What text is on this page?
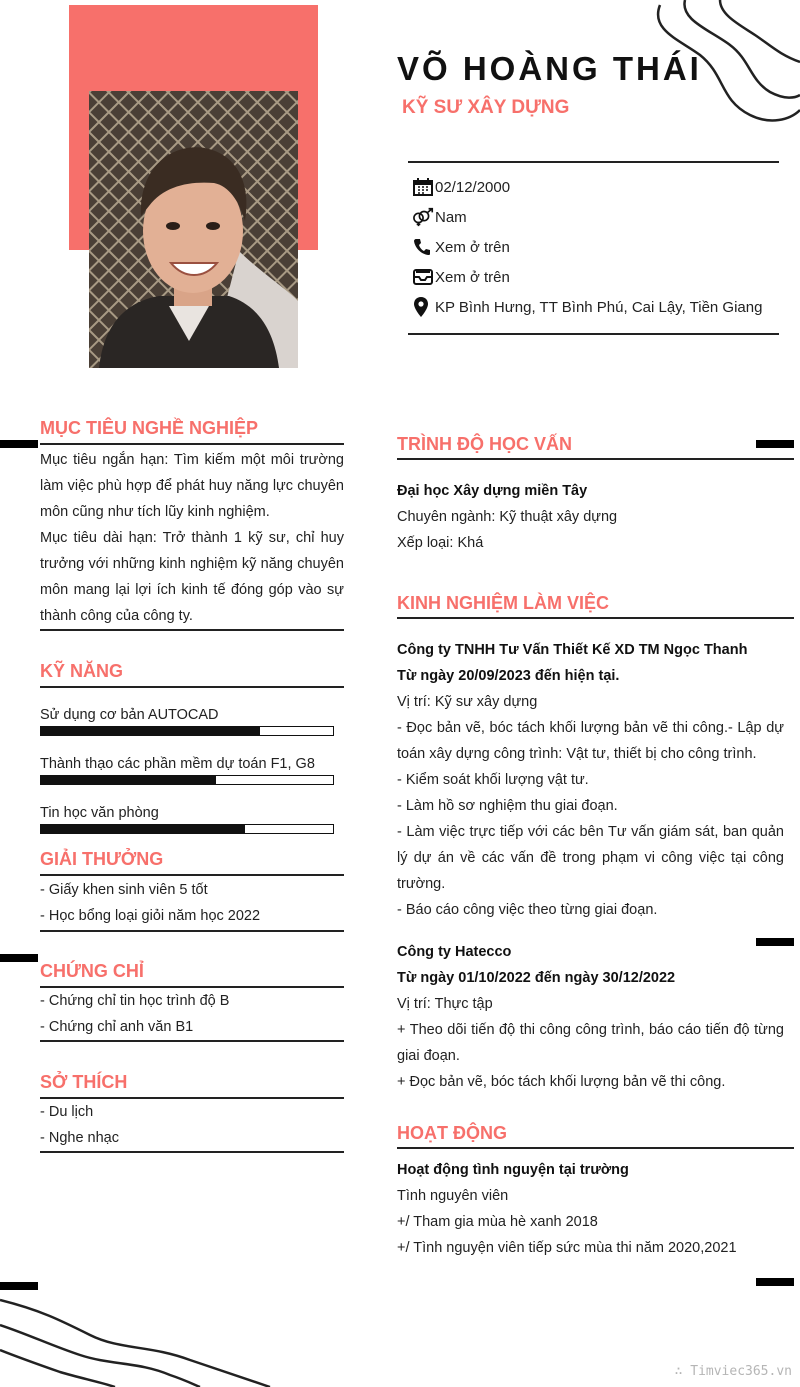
VÕ HOÀNG THÁI
KỸ SƯ XÂY DỰNG
02/12/2000
Nam
Xem ở trên
Xem ở trên
KP Bình Hưng, TT Bình Phú, Cai Lậy, Tiền Giang
MỤC TIÊU NGHỀ NGHIỆP
Mục tiêu ngắn hạn: Tìm kiếm một môi trường làm việc phù hợp để phát huy năng lực chuyên môn cũng như tích lũy kinh nghiệm.
Mục tiêu dài hạn: Trở thành 1 kỹ sư, chỉ huy trưởng với những kinh nghiệm kỹ năng chuyên môn mang lại lợi ích kinh tế đóng góp vào sự thành công của công ty.
KỸ NĂNG
Sử dụng cơ bản AUTOCAD
Thành thạo các phần mềm dự toán F1, G8
Tin học văn phòng
GIẢI THƯỞNG
- Giấy khen sinh viên 5 tốt
- Học bổng loại giỏi năm học 2022
CHỨNG CHỈ
- Chứng chỉ tin học trình độ B
- Chứng chỉ anh văn B1
SỞ THÍCH
- Du lịch
- Nghe nhạc
TRÌNH ĐỘ HỌC VẤN
Đại học Xây dựng miền Tây
Chuyên ngành: Kỹ thuật xây dựng
Xếp loại: Khá
KINH NGHIỆM LÀM VIỆC
Công ty TNHH Tư Vấn Thiết Kế XD TM Ngọc Thanh
Từ ngày 20/09/2023 đến hiện tại.
Vị trí: Kỹ sư xây dựng
- Đọc bản vẽ, bóc tách khối lượng bản vẽ thi công.- Lập dự toán xây dựng công trình: Vật tư, thiết bị cho công trình.
- Kiểm soát khối lượng vật tư.
- Làm hồ sơ nghiệm thu giai đoạn.
- Làm việc trực tiếp với các bên Tư vấn giám sát, ban quản lý dự án về các vấn đề trong phạm vi công việc tại công trường.
- Báo cáo công việc theo từng giai đoạn.
Công ty Hatecco
Từ ngày 01/10/2022 đến ngày 30/12/2022
Vị trí: Thực tập
+ Theo dõi tiến độ thi công công trình, báo cáo tiến độ từng giai đoạn.
+ Đọc bản vẽ, bóc tách khối lượng bản vẽ thi công.
HOẠT ĐỘNG
Hoạt động tình nguyện tại trường
Tình nguyên viên
+/ Tham gia mùa hè xanh 2018
+/ Tình nguyện viên tiếp sức mùa thi năm 2020,2021
∴ Timviec365.vn
